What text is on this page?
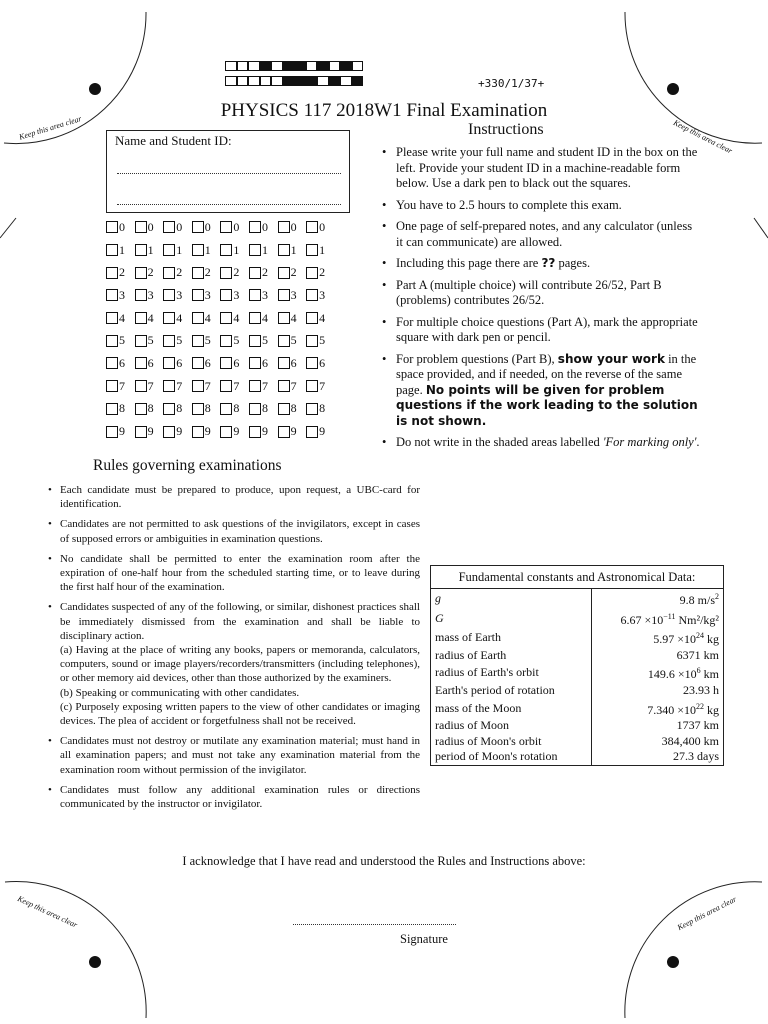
Keep this area clear	Keep this area clear
Keep this area clear	Keep this area clear
+330/1/37+
PHYSICS 117 2018W1 Final Examination
Instructions
Name and Student ID:
0 0 0 0 0 0 0 0
1 1 1 1 1 1 1 1
2 2 2 2 2 2 2 2
3 3 3 3 3 3 3 3
4 4 4 4 4 4 4 4
5 5 5 5 5 5 5 5
6 6 6 6 6 6 6 6
7 7 7 7 7 7 7 7
8 8 8 8 8 8 8 8
9 9 9 9 9 9 9 9
• Please write your full name and student ID in the box on the left. Provide your student ID in a machine-readable form below. Use a dark pen to black out the squares.
• You have to 2.5 hours to complete this exam.
• One page of self-prepared notes, and any calculator (unless it can communicate) are allowed.
• Including this page there are ?? pages.
• Part A (multiple choice) will contribute 26/52, Part B (problems) contributes 26/52.
• For multiple choice questions (Part A), mark the appropriate square with dark pen or pencil.
• For problem questions (Part B), show your work in the space provided, and if needed, on the reverse of the same page. No points will be given for problem questions if the work leading to the solution is not shown.
• Do not write in the shaded areas labelled 'For marking only'.
Rules governing examinations
• Each candidate must be prepared to produce, upon request, a UBC-card for identification.
• Candidates are not permitted to ask questions of the invigilators, except in cases of supposed errors or ambiguities in examination questions.
• No candidate shall be permitted to enter the examination room after the expiration of one-half hour from the scheduled starting time, or to leave during the first half hour of the examination.
• Candidates suspected of any of the following, or similar, dishonest practices shall be immediately dismissed from the examination and shall be liable to disciplinary action.
(a) Having at the place of writing any books, papers or memoranda, calculators, computers, sound or image players/recorders/transmitters (including telephones), or other memory aid devices, other than those authorized by the examiners.
(b) Speaking or communicating with other candidates.
(c) Purposely exposing written papers to the view of other candidates or imaging devices. The plea of accident or forgetfulness shall not be received.
• Candidates must not destroy or mutilate any examination material; must hand in all examination papers; and must not take any examination material from the examination room without permission of the invigilator.
• Candidates must follow any additional examination rules or directions communicated by the instructor or invigilator.
Fundamental constants and Astronomical Data:
g	9.8 $m/s^2$
G	$6.67 \times 10^{-11}$ Nm²/kg²
mass of Earth	$5.97 \times 10^{24}$ kg
radius of Earth	6371 km
radius of Earth's orbit	$149.6 \times 10^6$ km
Earth's period of rotation	23.93 h
mass of the Moon	$7.340 \times 10^{22}$ kg
radius of Moon	1737 km
radius of Moon's orbit	384,400 km
period of Moon's rotation	27.3 days
I acknowledge that I have read and understood the Rules and Instructions above:
Signature
